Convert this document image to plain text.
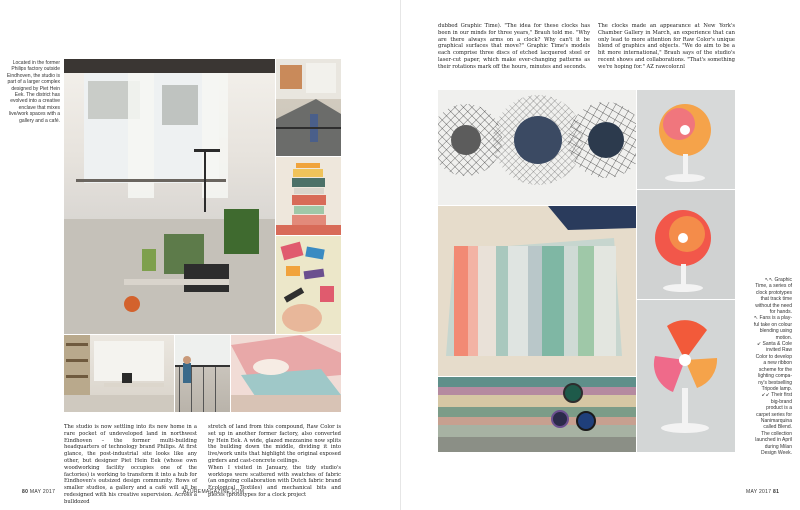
Located in the former Philips factory outside Eindhoven, the studio is part of a larger complex designed by Piet Hein Eek. The district has evolved into a creative enclave that mixes live/work spaces with a gallery and a café.
The studio is now settling into its new home in a rare pocket of undeveloped land in northwest Eindhoven – the former multi-building headquarters of technology brand Philips. At first glance, the post-industrial site looks like any other, but designer Piet Hein Eek (whose own woodworking facility occupies one of the factories) is working to transform it into a hub for Eindhoven's outsized design community. Rows of smaller studios, a gallery and a café will all be redesigned with his creative supervision. Across a bulldozed
stretch of land from this compound, Raw Color is set up in another former factory, also converted by Hein Eek. A wide, glazed mezzanine now splits the building down the middle, dividing it into live/work units that highlight the original exposed girders and cast-concrete ceilings.
When I visited in January, the tidy studio's worktops were scattered with swatches of fabric (an ongoing collaboration with Dutch fabric brand Ecological Textiles) and mechanical bits and pieces (prototypes for a clock project
80 MAY 2017	AZUREMAGAZINE.COM
dubbed Graphic Time). "The idea for these clocks has been in our minds for three years," Brauh told me. "Why are there always arms on a clock? Why can't it be graphical surfaces that move?" Graphic Time's models each comprise three discs of etched lacquered steel or laser-cut paper, which make ever-changing patterns as their rotations mark off the hours, minutes and seconds.
The clocks made an appearance at New York's Chamber Gallery in March, an experience that can only lead to more attention for Raw Color's unique blend of graphics and objects. "We do aim to be a bit more international," Brauh says of the studio's recent shows and collaborations. "That's something we're hoping for." AZ rawcolor.nl
↖↖ Graphic
Time, a series of
clock prototypes
that track time
without the need
for hands.
↖ Fans is a play-
ful take on colour
blending using
motion.
↙ Santa & Cole
invited Raw
Color to develop
a new ribbon
scheme for the
lighting compa-
ny's bestselling
Tripode lamp.
↙↙ Their first
big-brand
product is a
carpet series for
Nanimarquina
called Blend.
The collection
launched in April
during Milan
Design Week.
MAY 2017 81
